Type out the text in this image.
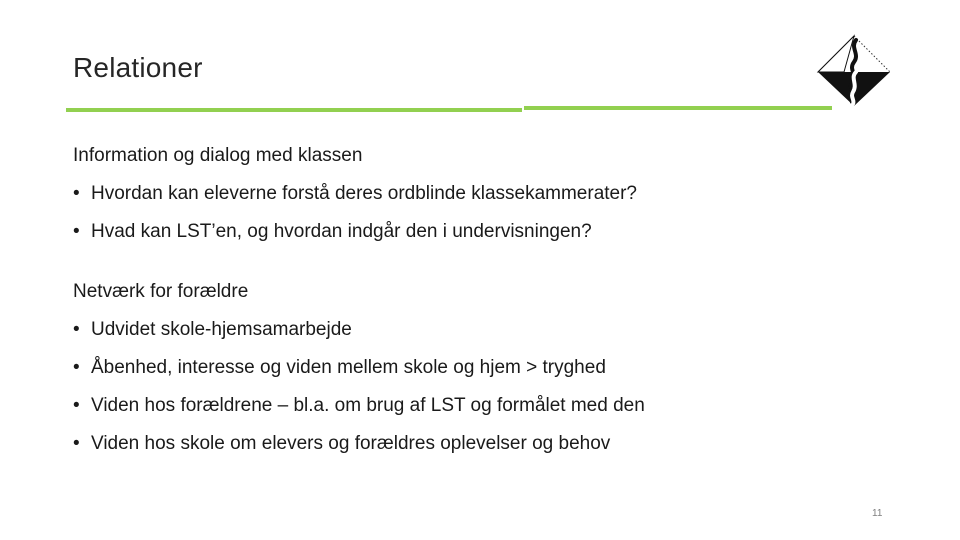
Relationer
Information og dialog med klassen
• Hvordan kan eleverne forstå deres ordblinde klassekammerater?
• Hvad kan LST’en, og hvordan indgår den i undervisningen?
Netværk for forældre
• Udvidet skole-hjemsamarbejde
• Åbenhed, interesse og viden mellem skole og hjem > tryghed
• Viden hos forældrene – bl.a. om brug af LST og formålet med den
• Viden hos skole om elevers og forældres oplevelser og behov
11
